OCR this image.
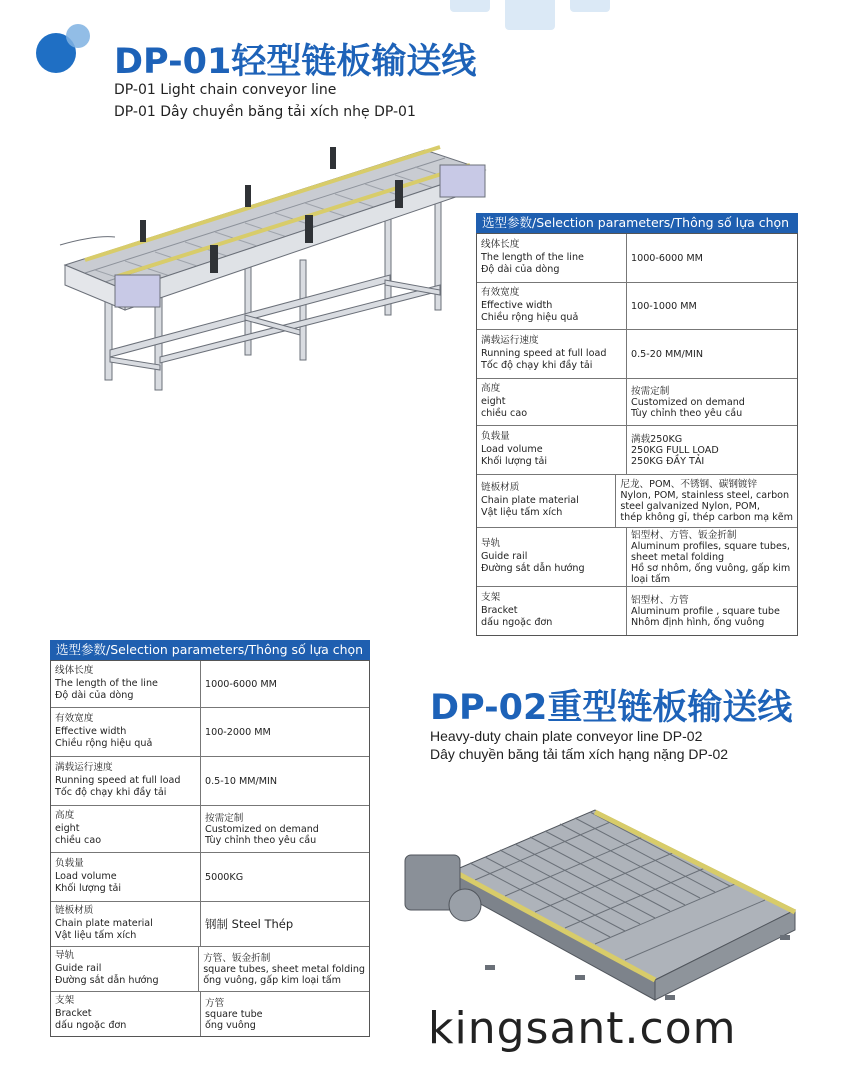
DP-01轻型链板输送线
DP-01 Light chain conveyor line
DP-01 Dây chuyền băng tải xích nhẹ DP-01
选型参数/Selection parameters/Thông số lựa chọn
线体长度
The length of the line
Độ dài của dòng
1000-6000 MM
有效宽度
Effective width
Chiều rộng hiệu quả
100-1000 MM
满载运行速度
Running speed at full load
Tốc độ chạy khi đầy tải
0.5-20 MM/MIN
高度
eight
chiều cao
按需定制
Customized on demand
Tùy chỉnh theo yêu cầu
负载量
Load volume
Khối lượng tải
满载250KG
250KG FULL LOAD
250KG ĐẦY TẢI
链板材质
Chain plate material
Vật liệu tấm xích
尼龙、POM、不锈钢、碳钢镀锌
Nylon, POM, stainless steel, carbon
steel galvanized Nylon, POM,
thép không gỉ, thép carbon mạ kẽm
导轨
Guide rail
Đường sắt dẫn hướng
铝型材、方管、钣金折制
Aluminum profiles, square tubes,
sheet metal folding
Hồ sơ nhôm, ống vuông, gấp kim
loại tấm
支架
Bracket
dấu ngoặc đơn
铝型材、方管
Aluminum profile , square tube
Nhôm định hình, ống vuông
选型参数/Selection parameters/Thông số lựa chọn
线体长度
The length of the line
Độ dài của dòng
1000-6000 MM
有效宽度
Effective width
Chiều rộng hiệu quả
100-2000 MM
满载运行速度
Running speed at full load
Tốc độ chạy khi đầy tải
0.5-10 MM/MIN
高度
eight
chiều cao
按需定制
Customized on demand
Tùy chỉnh theo yêu cầu
负载量
Load volume
Khối lượng tải
5000KG
链板材质
Chain plate material
Vật liệu tấm xích
钢制 Steel Thép
导轨
Guide rail
Đường sắt dẫn hướng
方管、钣金折制
square tubes, sheet metal folding
ống vuông, gấp kim loại tấm
支架
Bracket
dấu ngoặc đơn
方管
square tube
ống vuông
DP-02重型链板输送线
Heavy-duty chain plate conveyor line DP-02
Dây chuyền băng tải tấm xích hạng nặng DP-02
kingsant.com
